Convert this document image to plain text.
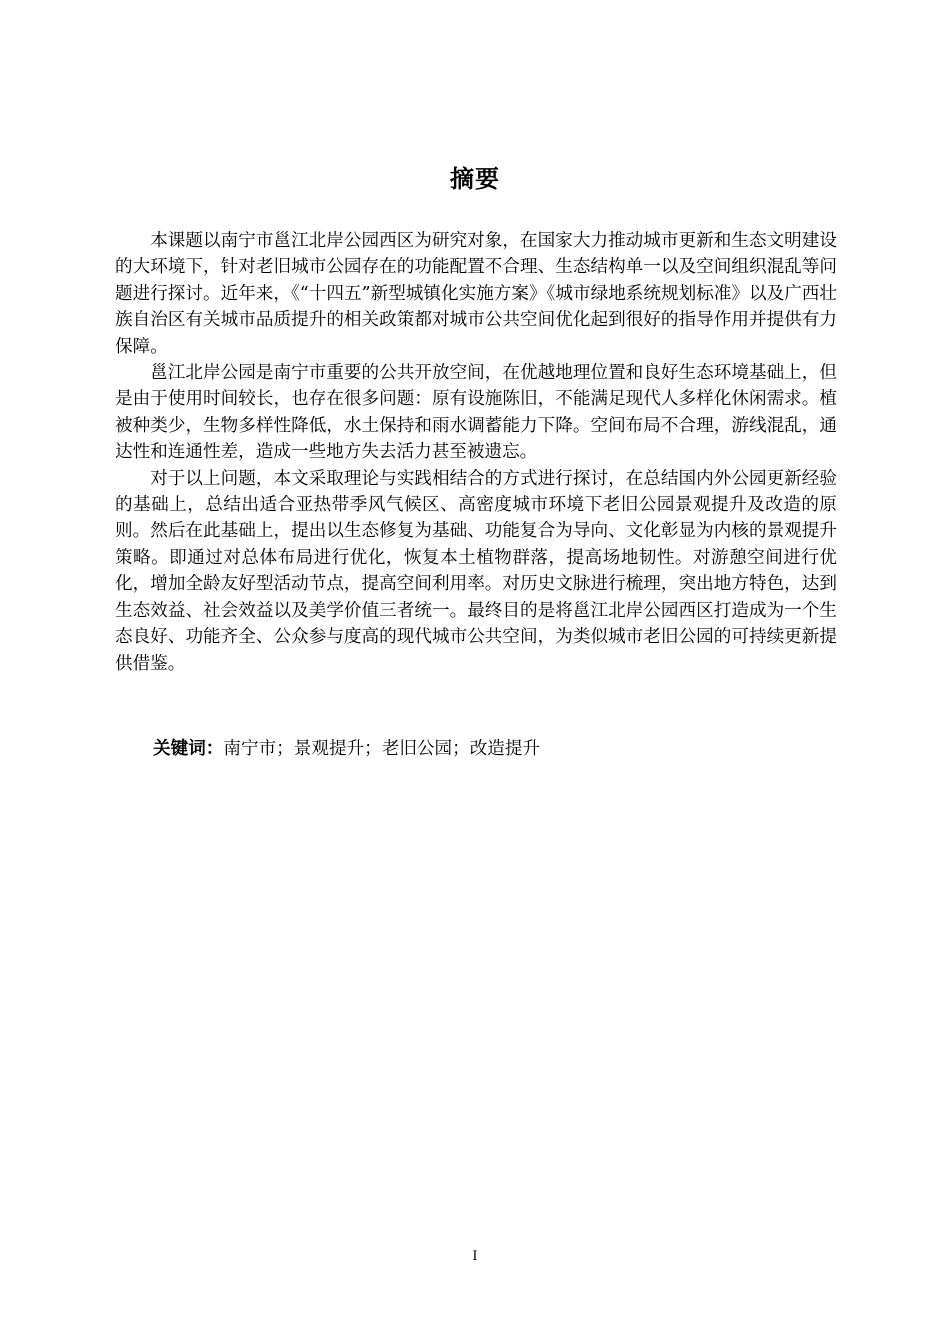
摘要

本课题以南宁市邕江北岸公园西区为研究对象，在国家大力推动城市更新和生态文明建设的大环境下，针对老旧城市公园存在的功能配置不合理、生态结构单一以及空间组织混乱等问题进行探讨。近年来，《“十四五”新型城镇化实施方案》《城市绿地系统规划标准》以及广西壮族自治区有关城市品质提升的相关政策都对城市公共空间优化起到很好的指导作用并提供有力保障。

邕江北岸公园是南宁市重要的公共开放空间，在优越地理位置和良好生态环境基础上，但是由于使用时间较长，也存在很多问题：原有设施陈旧，不能满足现代人多样化休闲需求。植被种类少，生物多样性降低，水土保持和雨水调蓄能力下降。空间布局不合理，游线混乱，通达性和连通性差，造成一些地方失去活力甚至被遗忘。

对于以上问题，本文采取理论与实践相结合的方式进行探讨，在总结国内外公园更新经验的基础上，总结出适合亚热带季风气候区、高密度城市环境下老旧公园景观提升及改造的原则。然后在此基础上，提出以生态修复为基础、功能复合为导向、文化彰显为内核的景观提升策略。即通过对总体布局进行优化，恢复本土植物群落，提高场地韧性。对游憩空间进行优化，增加全龄友好型活动节点，提高空间利用率。对历史文脉进行梳理，突出地方特色，达到生态效益、社会效益以及美学价值三者统一。最终目的是将邕江北岸公园西区打造成为一个生态良好、功能齐全、公众参与度高的现代城市公共空间，为类似城市老旧公园的可持续更新提供借鉴。

关键词：南宁市；景观提升；老旧公园；改造提升
I
